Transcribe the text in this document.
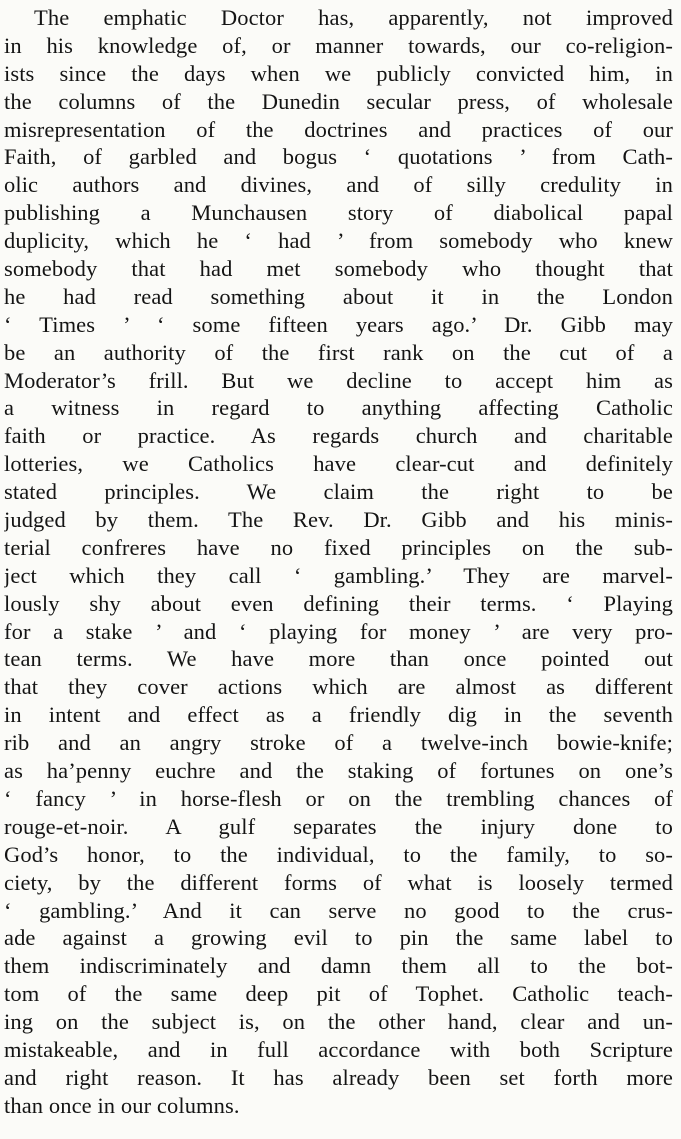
The emphatic Doctor has, apparently, not improved
in his knowledge of, or manner towards, our co-religion-
ists since the days when we publicly convicted him, in
the columns of the Dunedin secular press, of wholesale
misrepresentation of the doctrines and practices of our
Faith, of garbled and bogus ‘ quotations ’ from Cath-
olic authors and divines, and of silly credulity in
publishing a Munchausen story of diabolical papal
duplicity, which he ‘ had ’ from somebody who knew
somebody that had met somebody who thought that
he had read something about it in the London
‘ Times ’ ‘ some fifteen years ago.’ Dr. Gibb may
be an authority of the first rank on the cut of a
Moderator’s frill. But we decline to accept him as
a witness in regard to anything affecting Catholic
faith or practice. As regards church and charitable
lotteries, we Catholics have clear-cut and definitely
stated principles. We claim the right to be
judged by them. The Rev. Dr. Gibb and his minis-
terial confreres have no fixed principles on the sub-
ject which they call ‘ gambling.’ They are marvel-
lously shy about even defining their terms. ‘ Playing
for a stake ’ and ‘ playing for money ’ are very pro-
tean terms. We have more than once pointed out
that they cover actions which are almost as different
in intent and effect as a friendly dig in the seventh
rib and an angry stroke of a twelve-inch bowie-knife;
as ha’penny euchre and the staking of fortunes on one’s
‘ fancy ’ in horse-flesh or on the trembling chances of
rouge-et-noir. A gulf separates the injury done to
God’s honor, to the individual, to the family, to so-
ciety, by the different forms of what is loosely termed
‘ gambling.’ And it can serve no good to the crus-
ade against a growing evil to pin the same label to
them indiscriminately and damn them all to the bot-
tom of the same deep pit of Tophet. Catholic teach-
ing on the subject is, on the other hand, clear and un-
mistakeable, and in full accordance with both Scripture
and right reason. It has already been set forth more
than once in our columns.
